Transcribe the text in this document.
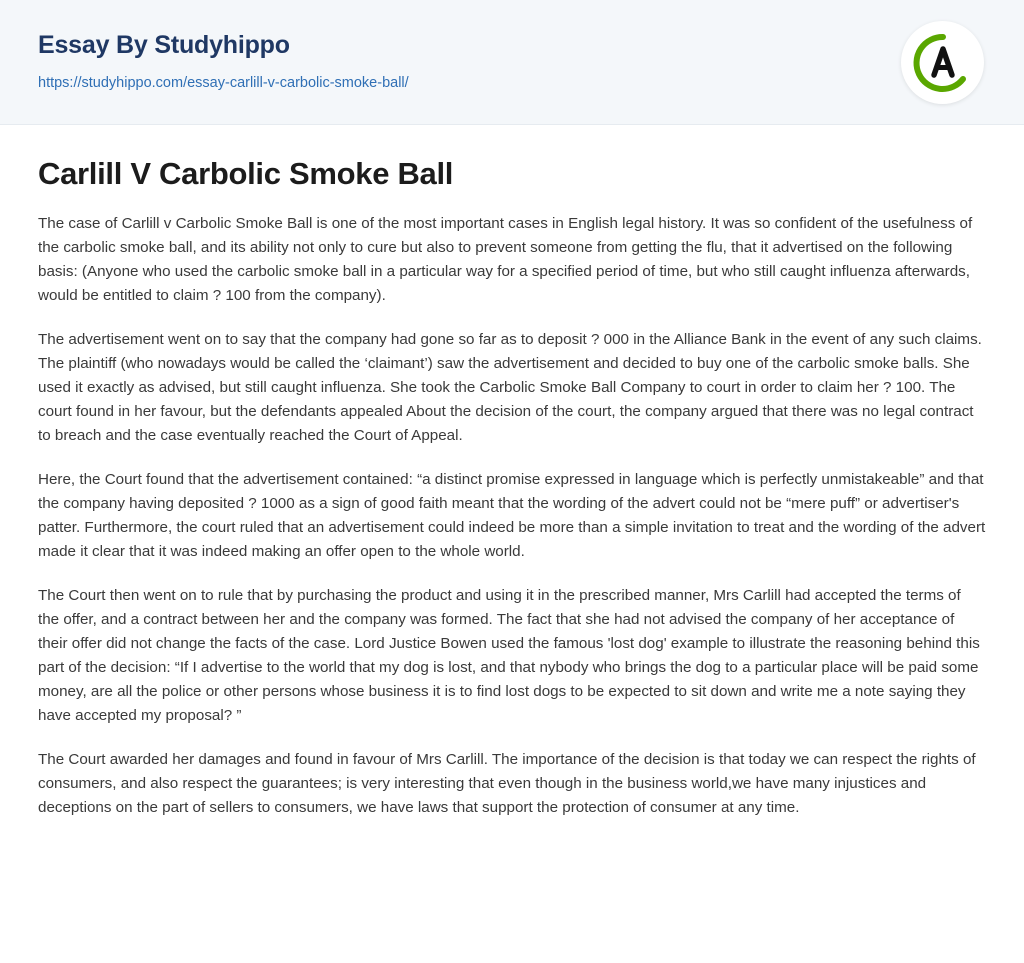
Essay By Studyhippo
https://studyhippo.com/essay-carlill-v-carbolic-smoke-ball/
Carlill V Carbolic Smoke Ball

The case of Carlill v Carbolic Smoke Ball is one of the most important cases in English legal history. It was so confident of the usefulness of the carbolic smoke ball, and its ability not only to cure but also to prevent someone from getting the flu, that it advertised on the following basis: (Anyone who used the carbolic smoke ball in a particular way for a specified period of time, but who still caught influenza afterwards, would be entitled to claim ? 100 from the company).

The advertisement went on to say that the company had gone so far as to deposit ? 000 in the Alliance Bank in the event of any such claims. The plaintiff (who nowadays would be called the ‘claimant’) saw the advertisement and decided to buy one of the carbolic smoke balls. She used it exactly as advised, but still caught influenza. She took the Carbolic Smoke Ball Company to court in order to claim her ? 100. The court found in her favour, but the defendants appealed About the decision of the court, the company argued that there was no legal contract to breach and the case eventually reached the Court of Appeal.

Here, the Court found that the advertisement contained: “a distinct promise expressed in language which is perfectly unmistakeable” and that the company having deposited ? 1000 as a sign of good faith meant that the wording of the advert could not be “mere puff” or advertiser's patter. Furthermore, the court ruled that an advertisement could indeed be more than a simple invitation to treat and the wording of the advert made it clear that it was indeed making an offer open to the whole world.

The Court then went on to rule that by purchasing the product and using it in the prescribed manner, Mrs Carlill had accepted the terms of the offer, and a contract between her and the company was formed. The fact that she had not advised the company of her acceptance of their offer did not change the facts of the case. Lord Justice Bowen used the famous 'lost dog' example to illustrate the reasoning behind this part of the decision: “If I advertise to the world that my dog is lost, and that nybody who brings the dog to a particular place will be paid some money, are all the police or other persons whose business it is to find lost dogs to be expected to sit down and write me a note saying they have accepted my proposal? ”

The Court awarded her damages and found in favour of Mrs Carlill. The importance of the decision is that today we can respect the rights of consumers, and also respect the guarantees; is very interesting that even though in the business world,we have many injustices and deceptions on the part of sellers to consumers, we have laws that support the protection of consumer at any time.
